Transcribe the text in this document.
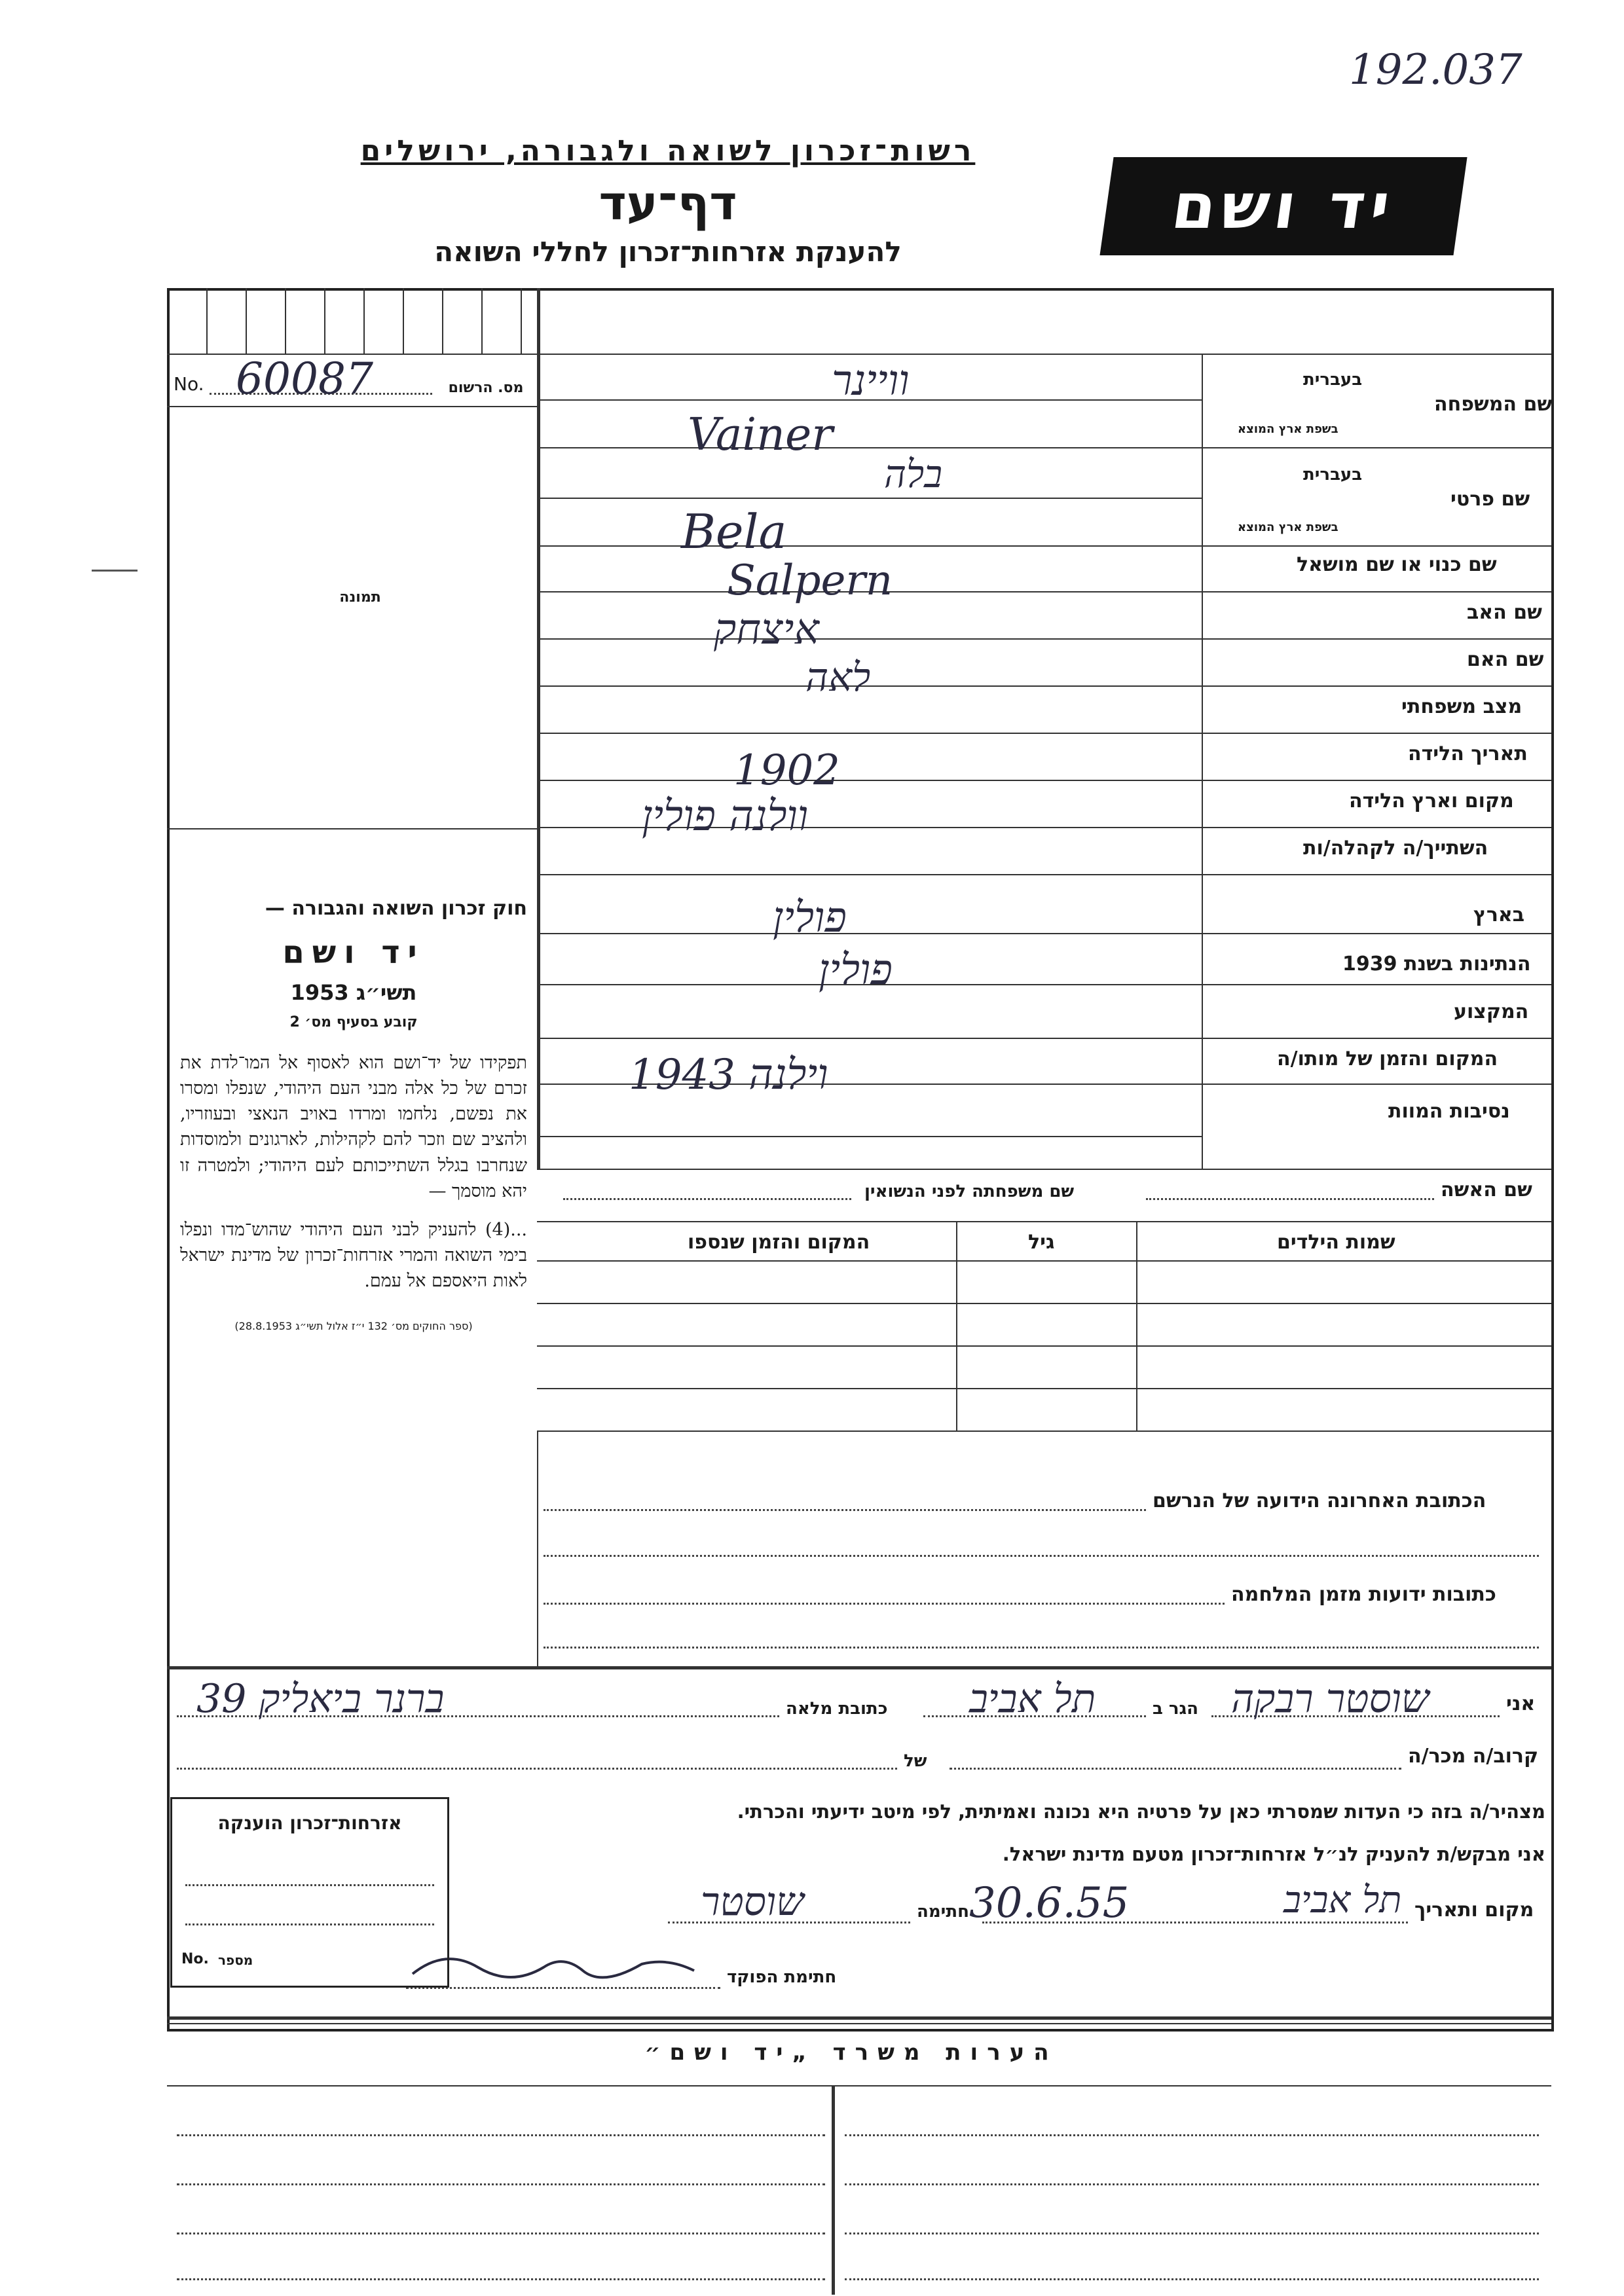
192.037
רשות־זכרון לשואה ולגבורה, ירושלים
דף־עד
להענקת אזרחות־זכרון לחללי השואה
יד ושם
No. 60087	מס. הרשום
תמונה
חוק זכרון השואה והגבורה —
יד ושם
תשי״ג 1953
קובע בסעיף מס׳ 2
תפקידו של יד־ושם הוא לאסוף אל המו־לדת את זכרם של כל אלה מבני העם היהודי, שנפלו ומסרו את נפשם, נלחמו ומרדו באויב הנאצי ובעוזריו, ולהציב שם וזכר להם לקהילות, לארגונים ולמוסדות שנחרבו בגלל השתייכותם לעם היהודי; ולמטרה זו יהא מוסמך —
...(4) להעניק לבני העם היהודי שהוש־מדו ונפלו בימי השואה והמרי אזרחות־זכרון של מדינת ישראל לאות היאספם אל עמם.
(ספר החוקים מס׳ 132 י״ז אלול תשי״ג 28.8.1953)
שם המשפחה
בעברית
בשפת ארץ המוצא
שם פרטי
בעברית
בשפת ארץ המוצא
שם כנוי או שם מושאל
שם האב
שם האם
מצב משפחתי
תאריך הלידה
מקום וארץ הלידה
השתייך/ה לקהלה/ות
בארץ
הנתינות בשנת 1939
המקצוע
המקום והזמן של מותו/ה
נסיבות המוות
וויינר
Vainer
בלה
Bela
Salpern
איצחק
לאה
1902
וולנה פולין
פולין
פולין
וילנה 1943
שם האשה
שם משפחתה לפני הנשואין
שמות הילדים
גיל
המקום והזמן שנספו
הכתובת האחרונה הידועה של הנרשם
כתובות ידועות מזמן המלחמה
אני
שוסטר רבקה
הגר ב
תל אביב
כתובת מלאה
ברנר ביאליק 39
קרוב/ה מכר/ה
של
מצהיר/ה בזה כי העדות שמסרתי כאן על פרטיה היא נכונה ואמיתית, לפי מיטב ידיעתי והכרתי.
אני מבקש/ת להעניק לנ״ל אזרחות־זכרון מטעם מדינת ישראל.
מקום ותאריך
תל אביב
30.6.55
חתימה
שוסטר
חתימת הפוקד
אזרחות־זכרון הוענקה
No. מספר
הערות משרד „יד ושם״
